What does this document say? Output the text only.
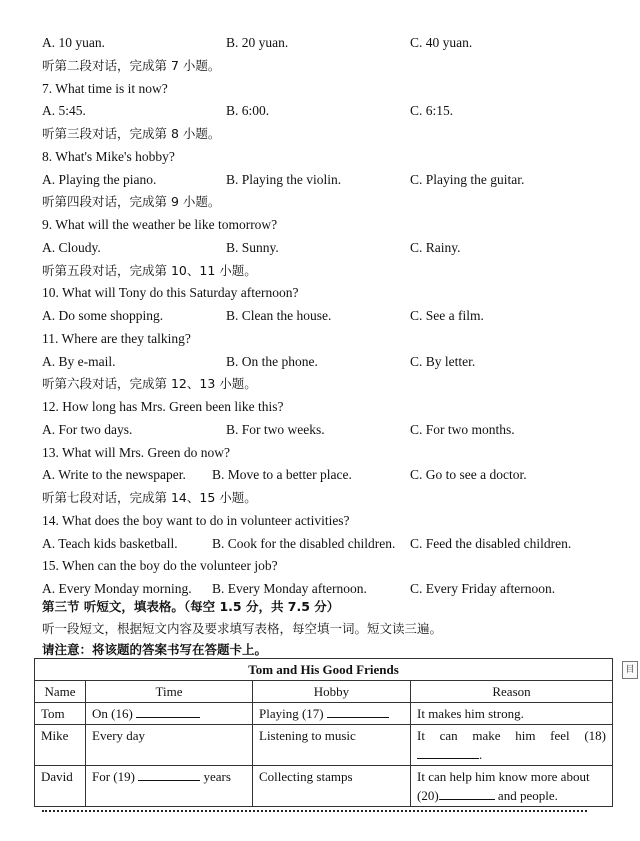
A. 10 yuan.	B. 20 yuan.	C. 40 yuan.
听第二段对话，完成第 7 小题。
7. What time is it now?
A. 5:45.	B. 6:00.	C. 6:15.
听第三段对话，完成第 8 小题。
8. What's Mike's hobby?
A. Playing the piano.	B. Playing the violin.	C. Playing the guitar.
听第四段对话，完成第 9 小题。
9. What will the weather be like tomorrow?
A. Cloudy.	B. Sunny.	C. Rainy.
听第五段对话，完成第 10、11 小题。
10. What will Tony do this Saturday afternoon?
A. Do some shopping.	B. Clean the house.	C. See a film.
11. Where are they talking?
A. By e-mail.	B. On the phone.	C. By letter.
听第六段对话，完成第 12、13 小题。
12. How long has Mrs. Green been like this?
A. For two days.	B. For two weeks.	C. For two months.
13. What will Mrs. Green do now?
A. Write to the newspaper. B. Move to a better place.	C. Go to see a doctor.
听第七段对话，完成第 14、15 小题。
14. What does the boy want to do in volunteer activities?
A. Teach kids basketball.	B. Cook for the disabled children. C. Feed the disabled children.
15. When can the boy do the volunteer job?
A. Every Monday morning. B. Every Monday afternoon.	C. Every Friday afternoon.
第三节 听短文，填表格。（每空 1.5 分，共 7.5 分）
听一段短文，根据短文内容及要求填写表格，每空填一词。短文读三遍。
请注意：将该题的答案书写在答题卡上。
目
Tom and His Good Friends			
Name	Time	Hobby	Reason
Tom	On (16)	Playing (17)	It makes him strong.
Mike	Every day	Listening to music	It can make him feel (18)
.

David	For (19) years	Collecting stamps	It can help him know more about
(20) and people.
